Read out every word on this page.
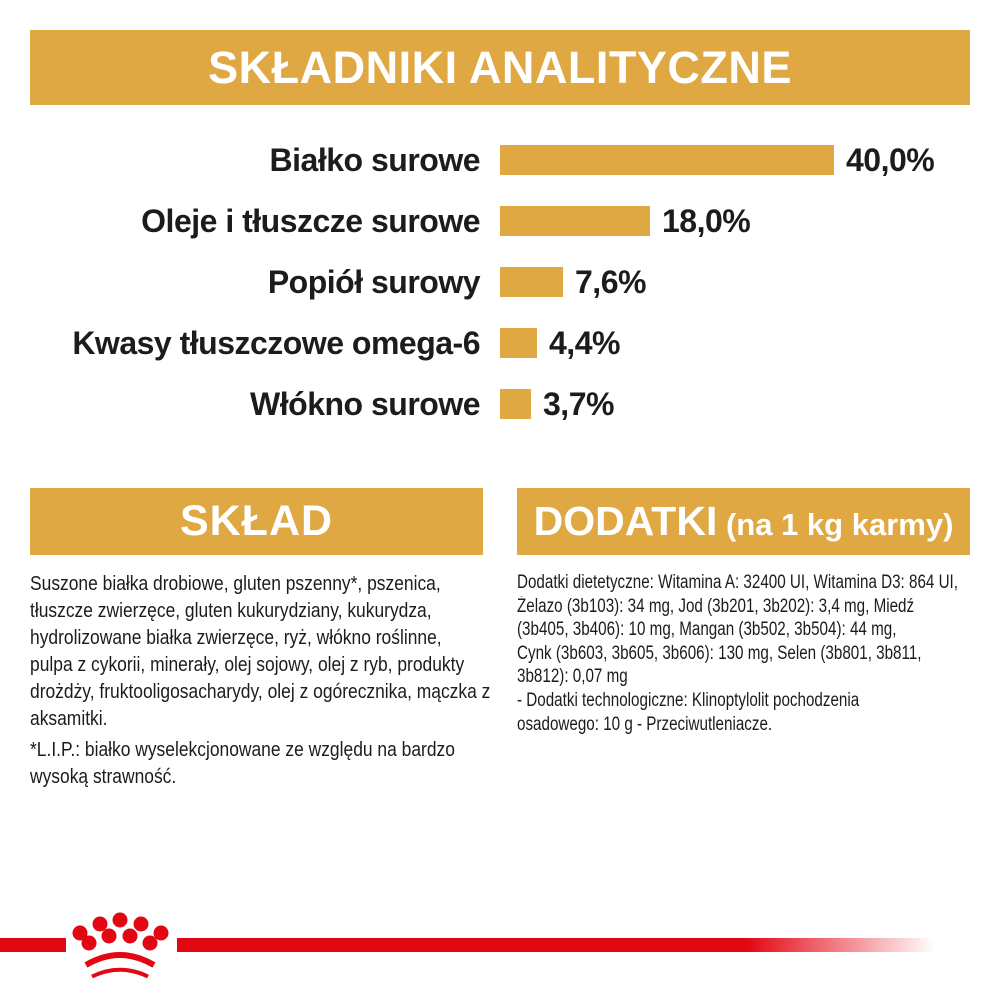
SKŁADNIKI ANALITYCZNE
Białko surowe	40,0%
Oleje i tłuszcze surowe	18,0%
Popiół surowy	7,6%
Kwasy tłuszczowe omega-6 4,4%
Włókno surowe 3,7%
SKŁAD	DODATKI (na 1 kg karmy)
Suszone białka drobiowe, gluten pszenny*, pszenica,
tłuszcze zwierzęce, gluten kukurydziany, kukurydza,
hydrolizowane białka zwierzęce, ryż, włókno roślinne,
pulpa z cykorii, minerały, olej sojowy, olej z ryb, produkty
drożdży, fruktooligosacharydy, olej z ogórecznika, mączka z
aksamitki.
*L.I.P.: białko wyselekcjonowane ze względu na bardzo
wysoką strawność.
Dodatki dietetyczne: Witamina A: 32400 UI, Witamina D3: 864 UI,
Żelazo (3b103): 34 mg, Jod (3b201, 3b202): 3,4 mg, Miedź
(3b405, 3b406): 10 mg, Mangan (3b502, 3b504): 44 mg,
Cynk (3b603, 3b605, 3b606): 130 mg, Selen (3b801, 3b811,
3b812): 0,07 mg
- Dodatki technologiczne: Klinoptylolit pochodzenia
osadowego: 10 g - Przeciwutleniacze.
